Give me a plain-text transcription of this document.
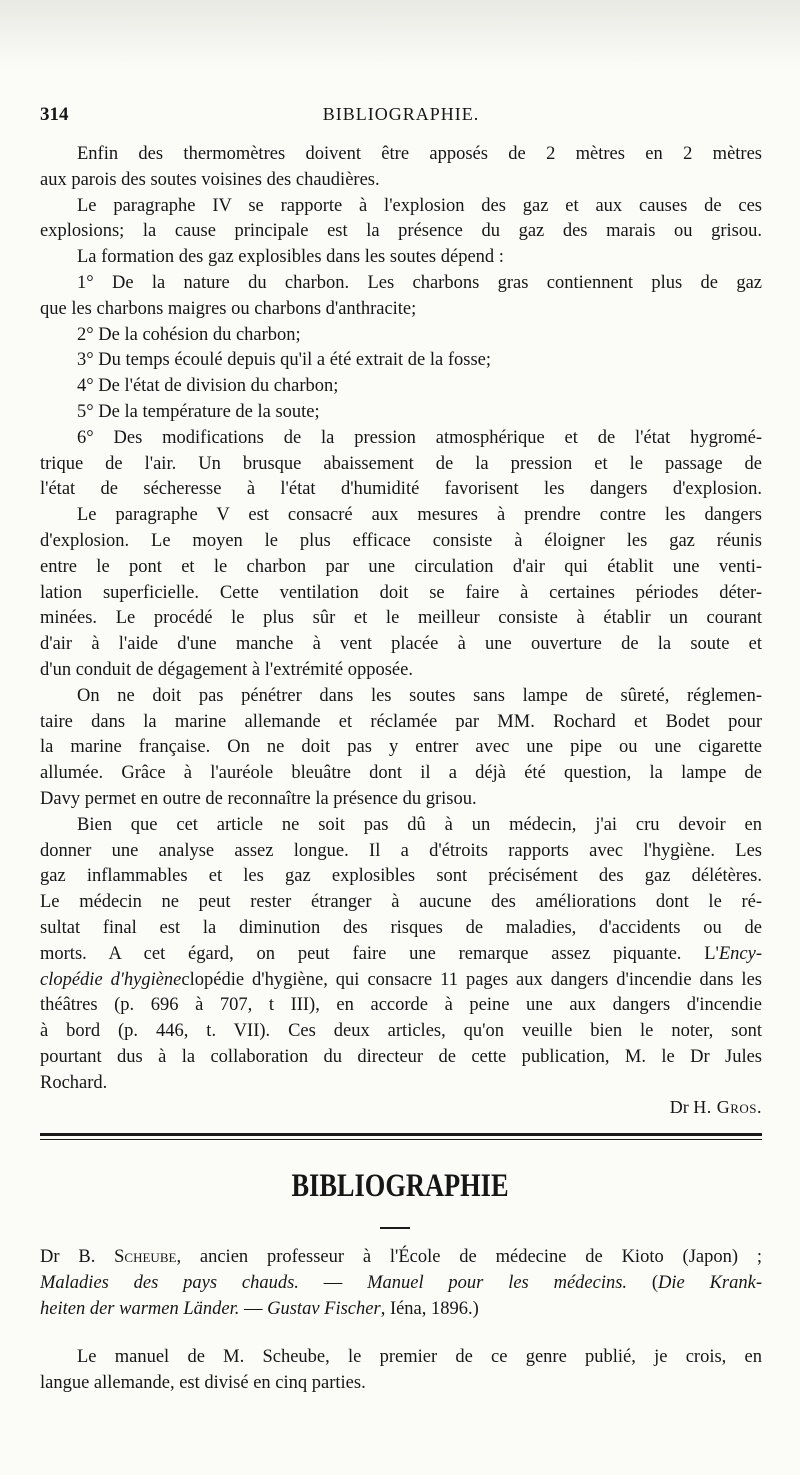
314	BIBLIOGRAPHIE.
Enfin des thermomètres doivent être apposés de 2 mètres en 2 mètres
aux parois des soutes voisines des chaudières.
Le paragraphe IV se rapporte à l'explosion des gaz et aux causes de ces
explosions; la cause principale est la présence du gaz des marais ou grisou.
La formation des gaz explosibles dans les soutes dépend :
1° De la nature du charbon. Les charbons gras contiennent plus de gaz
que les charbons maigres ou charbons d'anthracite;
2° De la cohésion du charbon;
3° Du temps écoulé depuis qu'il a été extrait de la fosse;
4° De l'état de division du charbon;
5° De la température de la soute;
6° Des modifications de la pression atmosphérique et de l'état hygromé-
trique de l'air. Un brusque abaissement de la pression et le passage de
l'état de sécheresse à l'état d'humidité favorisent les dangers d'explosion.
Le paragraphe V est consacré aux mesures à prendre contre les dangers
d'explosion. Le moyen le plus efficace consiste à éloigner les gaz réunis
entre le pont et le charbon par une circulation d'air qui établit une venti-
lation superficielle. Cette ventilation doit se faire à certaines périodes déter-
minées. Le procédé le plus sûr et le meilleur consiste à établir un courant
d'air à l'aide d'une manche à vent placée à une ouverture de la soute et
d'un conduit de dégagement à l'extrémité opposée.
On ne doit pas pénétrer dans les soutes sans lampe de sûreté, réglemen-
taire dans la marine allemande et réclamée par MM. Rochard et Bodet pour
la marine française. On ne doit pas y entrer avec une pipe ou une cigarette
allumée. Grâce à l'auréole bleuâtre dont il a déjà été question, la lampe de
Davy permet en outre de reconnaître la présence du grisou.
Bien que cet article ne soit pas dû à un médecin, j'ai cru devoir en
donner une analyse assez longue. Il a d'étroits rapports avec l'hygiène. Les
gaz inflammables et les gaz explosibles sont précisément des gaz délétères.
Le médecin ne peut rester étranger à aucune des améliorations dont le ré-
sultat final est la diminution des risques de maladies, d'accidents ou de
morts. A cet égard, on peut faire une remarque assez piquante. L'Ency-
clopédie d'hygièneclopédie d'hygiène, qui consacre 11 pages aux dangers d'incendie dans les
théâtres (p. 696 à 707, t III), en accorde à peine une aux dangers d'incendie
à bord (p. 446, t. VII). Ces deux articles, qu'on veuille bien le noter, sont
pourtant dus à la collaboration du directeur de cette publication, M. le Dr Jules
Rochard.
Dr H. Gros.
BIBLIOGRAPHIE
Dr B. Scheube, ancien professeur à l'École de médecine de Kioto (Japon) ;
Maladies des pays chauds. — Manuel pour les médecins. (Die Krank-
heiten der warmen Länder. — Gustav Fischer, Iéna, 1896.)
Le manuel de M. Scheube, le premier de ce genre publié, je crois, en
langue allemande, est divisé en cinq parties.
